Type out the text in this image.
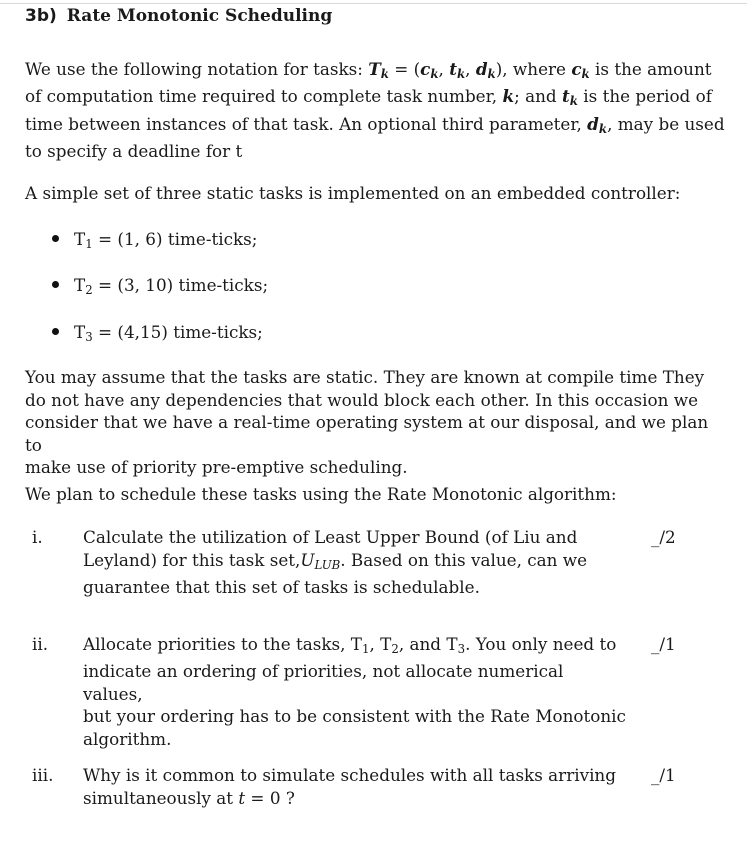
3b) Rate Monotonic Scheduling
We use the following notation for tasks: $T_k = (c_k$, $t_k$, $d_k$), where $c_k$ is the amount
of computation time required to complete task number, k; and $t_k$ is the period of
time between instances of that task. An optional third parameter, $d_k$, may be used
to specify a deadline for t
A simple set of three static tasks is implemented on an embedded controller:
$T_1 = (1$, 6) time-ticks;
$T_2 = (3$, 10) time-ticks;
$T_3 = (4,15)$ time-ticks;
You may assume that the tasks are static. They are known at compile time They
do not have any dependencies that would block each other. In this occasion we
consider that we have a real-time operating system at our disposal, and we plan to
make use of priority pre-emptive scheduling.
We plan to schedule these tasks using the Rate Monotonic algorithm:
i. Calculate the utilization of Least Upper Bound (of Liu and
Leyland) for this task $set,U_{LUB}$. Based on this value, can we
guarantee that this set of tasks is schedulable.
_/2
ii. Allocate priorities to the tasks, $T_1$, $T_2$, and $T_3$. You only need to
indicate an ordering of priorities, not allocate numerical values,
but your ordering has to be consistent with the Rate Monotonic
algorithm.
_/1
iii. Why is it common to simulate schedules with all tasks arriving
simultaneously at t = 0 ?
_/1
